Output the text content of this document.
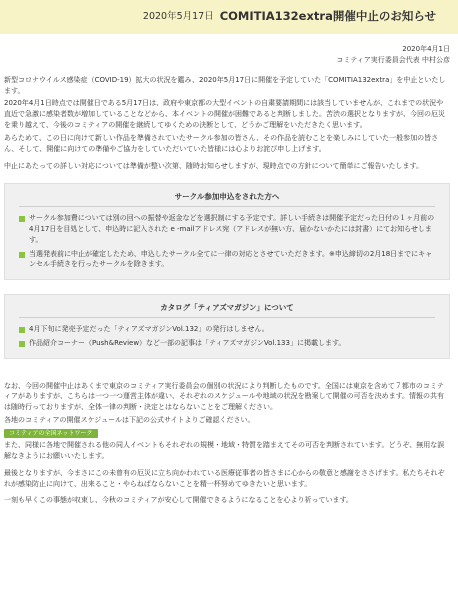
2020年5月17日 COMITIA132extra開催中止のお知らせ
2020年4月1日
コミティア実行委員会代表 中村公彦

新型コロナウイルス感染症（COVID-19）拡大の状況を鑑み、2020年5月17日に開催を予定していた「COMITIA132extra」を中止といたします。

2020年4月1日時点では開催日である5月17日は、政府や東京都の大型イベントの自粛要請期間には該当していませんが、これまでの状況や直近で急激に感染者数が増加していることなどから、本イベントの開催が困難であると判断しました。苦渋の選択となりますが、今回の厄災を乗り越えて、今後のコミティアの開催を継続してゆくための決断として、どうかご理解をいただきたく思います。

あらためて、この日に向けて新しい作品を準備されていたサークル参加の皆さん、その作品を読むことを楽しみにしていた一般参加の皆さん、そして、開催に向けての準備やご協力をしていただいていた皆様には心よりお詫び申し上げます。

中止にあたっての詳しい対応については準備が整い次第、随時お知らせしますが、現時点での方針について簡単にご報告いたします。

サークル参加申込をされた方へ
サークル参加費については別の回への振替や返金などを選択制にする予定です。詳しい手続きは開催予定だった日付の１ヶ月前の4月17日を目処として、申込時に記入された e -mailアドレス宛（アドレスが無い方、届かないかたには封書）にてお知らせします。
当選発表前に中止が確定したため、申込したサークル全てに一律の対応とさせていただきます。※申込締切の2月18日までにキャンセル手続きを行ったサークルを除きます。
カタログ「ティアズマガジン」について
4月下旬に発売予定だった「ティアズマガジンVol.132」の発行はしません。
作品紹介コーナー（Push&Review）など一部の記事は「ティアズマガジンVol.133」に掲載します。

なお、今回の開催中止はあくまで東京のコミティア実行委員会の個別の状況により判断したものです。全国には東京を含めて７都市のコミティアがありますが、こちらは一つ一つ運営主体が違い、それぞれのスケジュールや地域の状況を勘案して開催の可否を決めます。情報の共有は随時行っておりますが、全体一律の判断・決定とはならないことをご理解ください。

各地のコミティアの開催スケジュールは下記の公式サイトよりご確認ください。

コミティアの全国ネットワーク

また、同様に各地で開催される他の同人イベントもそれぞれの規模・地域・特質を踏まえてその可否を判断されています。どうぞ、無用な誤解なきようにお願いいたします。

最後となりますが、今まさにこの未曾有の厄災に立ち向かわれている医療従事者の皆さまに心からの敬意と感謝をささげます。私たちそれぞれが感染防止に向けて、出来ること・やらねばならないことを精一杯努めてゆきたいと思います。

一刻も早くこの事態が収束し、今秋のコミティアが安心して開催できるようになることを心より祈っています。
